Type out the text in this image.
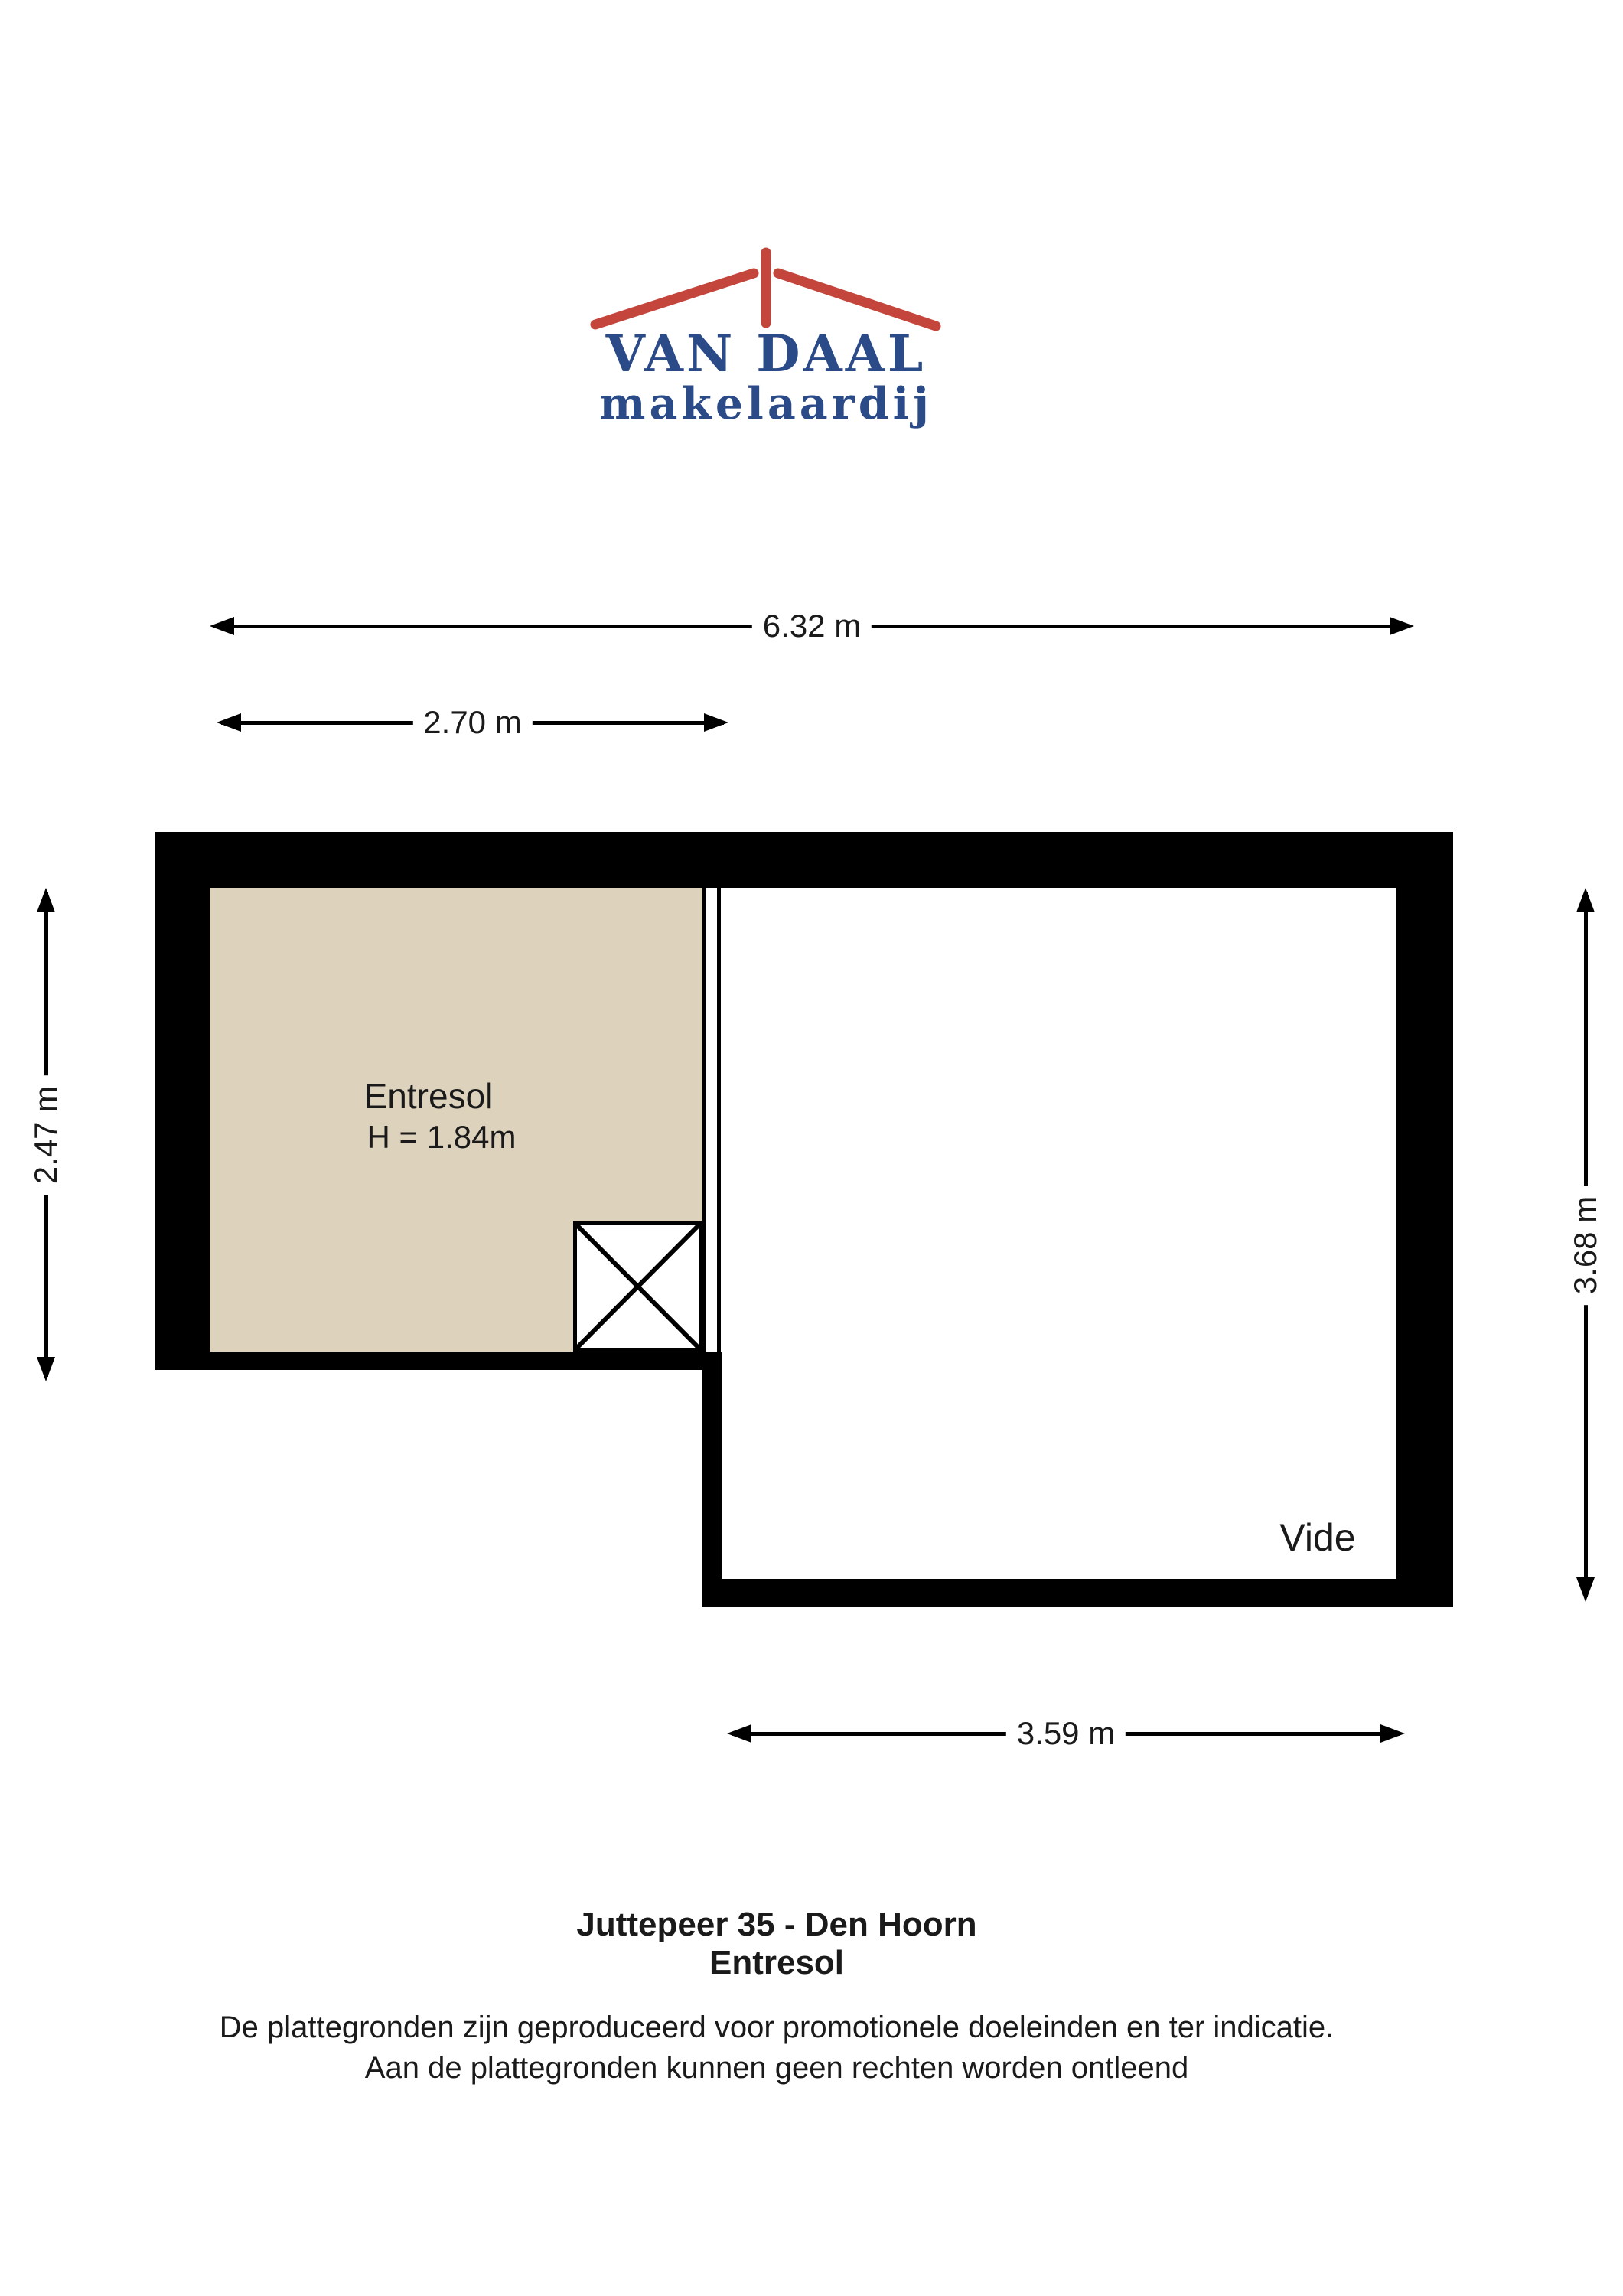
VAN DAAL
makelaardij
6.32 m
2.70 m
2.47 m
3.68 m
3.59 m
Entresol
H = 1.84m
Vide
Juttepeer 35 - Den Hoorn
Entresol
De plattegronden zijn geproduceerd voor promotionele doeleinden en ter indicatie.
Aan de plattegronden kunnen geen rechten worden ontleend
